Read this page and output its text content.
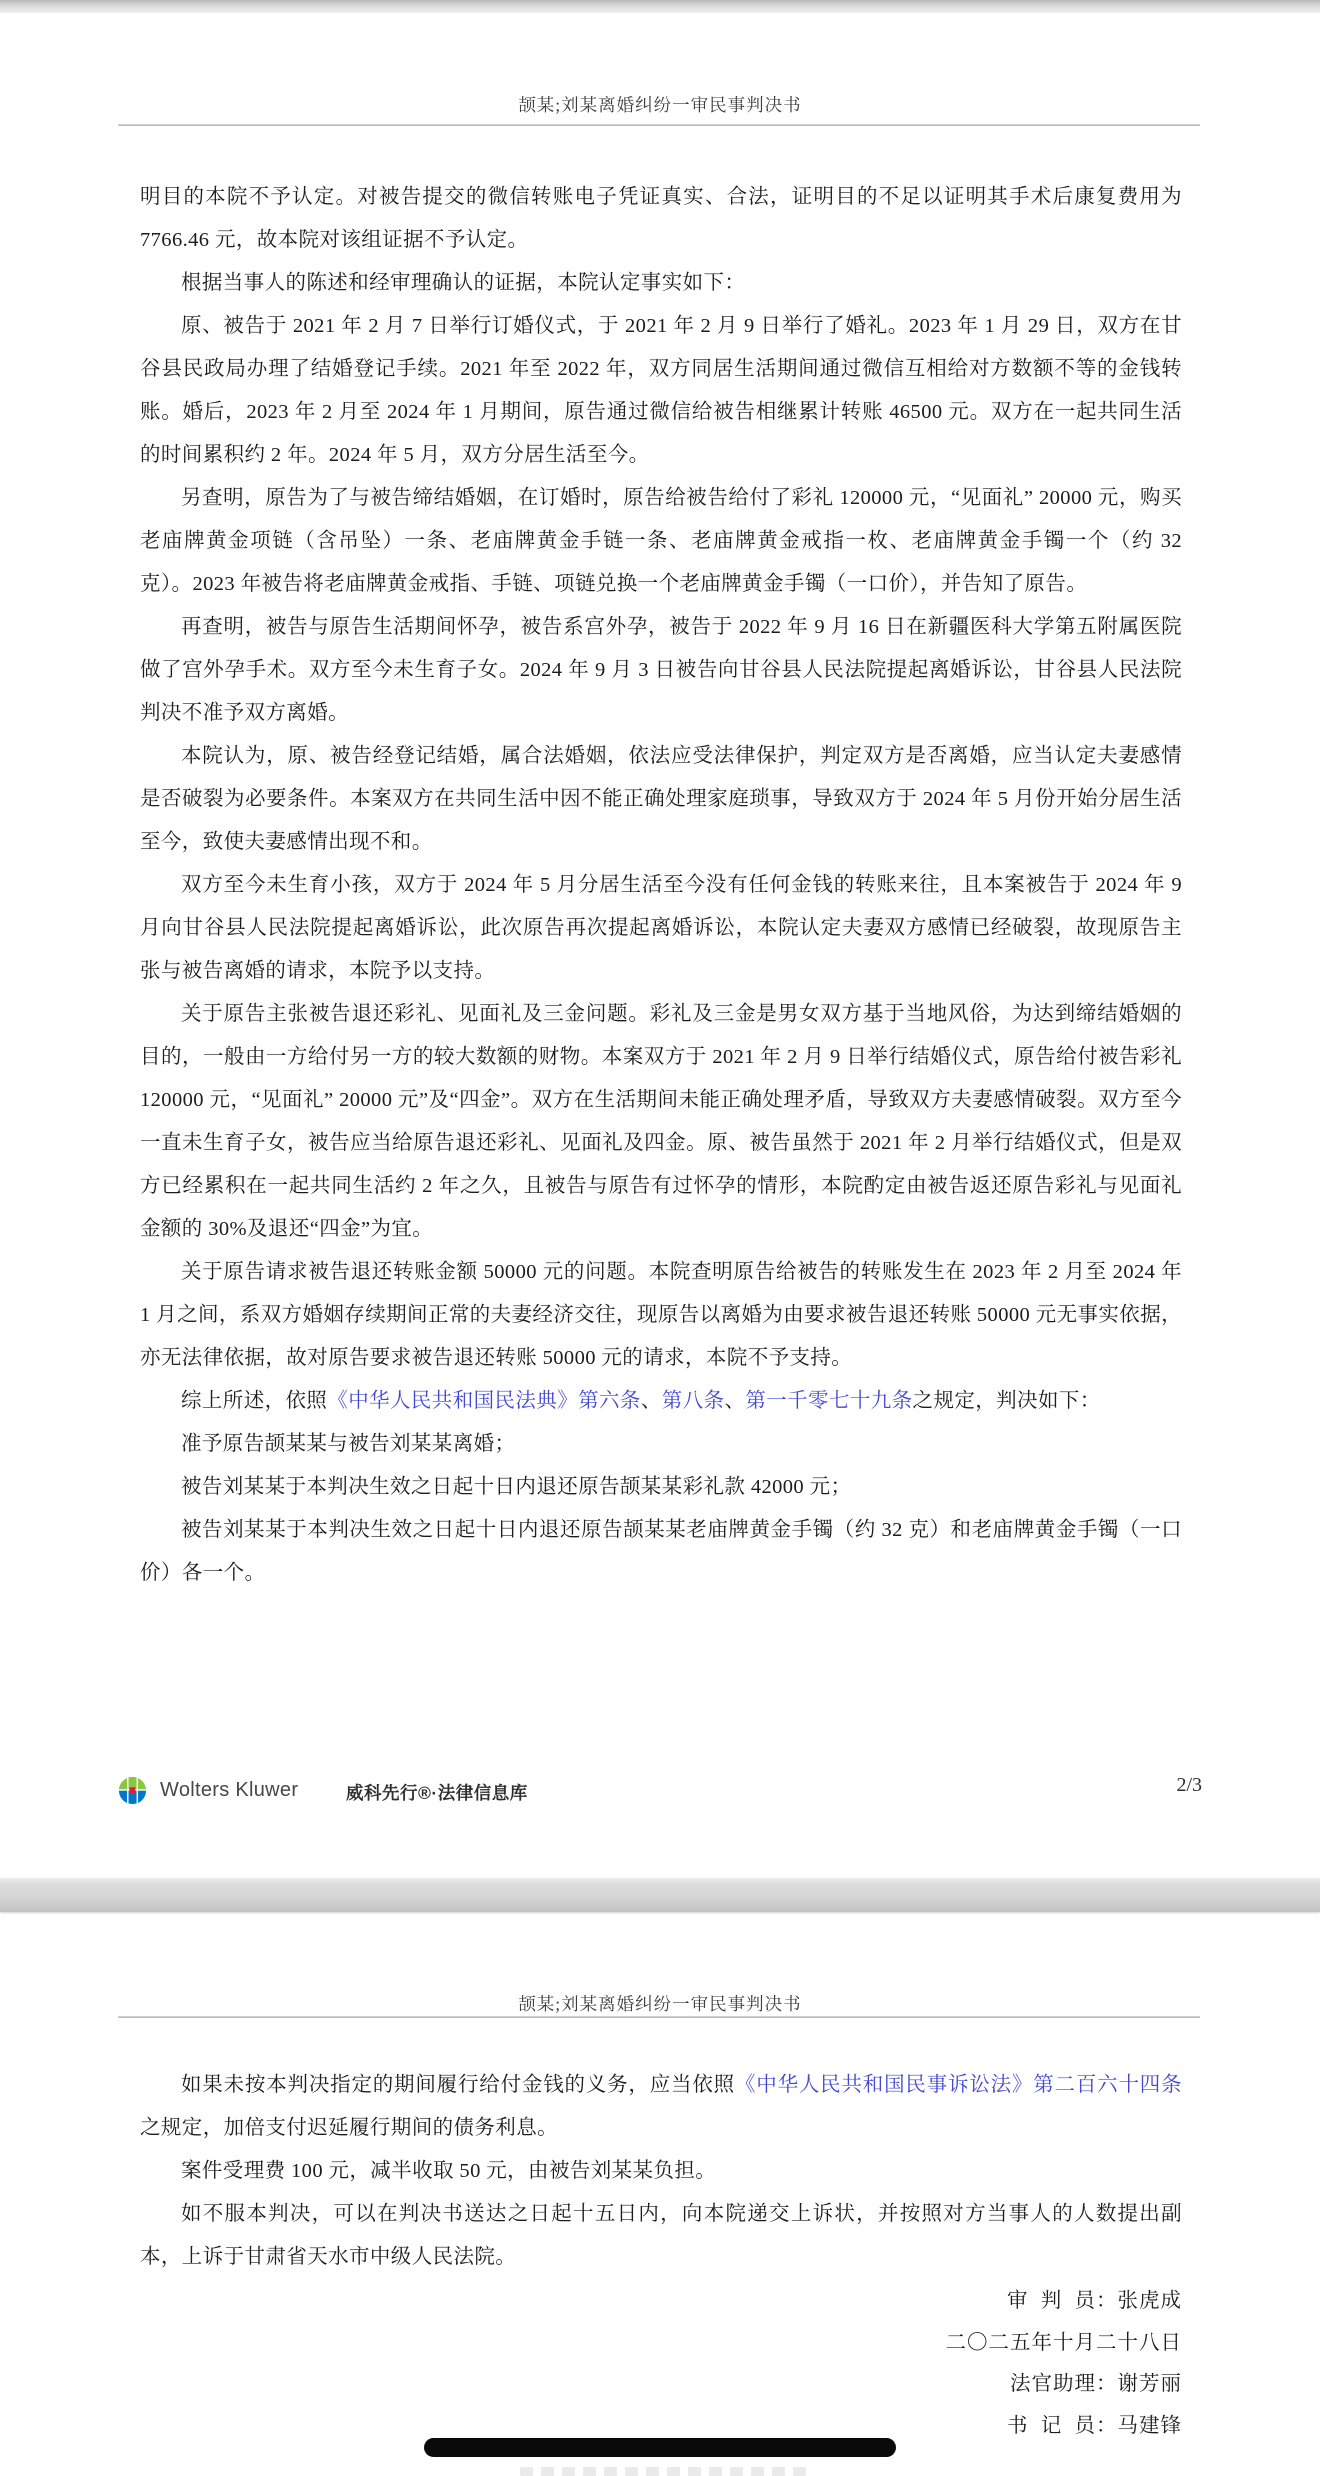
颉某;刘某离婚纠纷一审民事判决书

明目的本院不予认定。对被告提交的微信转账电子凭证真实、合法，证明目的不足以证明其手术后康复费用为 7766.46 元，故本院对该组证据不予认定。

根据当事人的陈述和经审理确认的证据，本院认定事实如下：

原、被告于 2021 年 2 月 7 日举行订婚仪式，于 2021 年 2 月 9 日举行了婚礼。2023 年 1 月 29 日，双方在甘谷县民政局办理了结婚登记手续。2021 年至 2022 年，双方同居生活期间通过微信互相给对方数额不等的金钱转账。婚后，2023 年 2 月至 2024 年 1 月期间，原告通过微信给被告相继累计转账 46500 元。双方在一起共同生活的时间累积约 2 年。2024 年 5 月，双方分居生活至今。

另查明，原告为了与被告缔结婚姻，在订婚时，原告给被告给付了彩礼 120000 元，“见面礼” 20000 元，购买老庙牌黄金项链（含吊坠）一条、老庙牌黄金手链一条、老庙牌黄金戒指一枚、老庙牌黄金手镯一个（约 32 克）。2023 年被告将老庙牌黄金戒指、手链、项链兑换一个老庙牌黄金手镯（一口价），并告知了原告。

再查明，被告与原告生活期间怀孕，被告系宫外孕，被告于 2022 年 9 月 16 日在新疆医科大学第五附属医院做了宫外孕手术。双方至今未生育子女。2024 年 9 月 3 日被告向甘谷县人民法院提起离婚诉讼，甘谷县人民法院判决不准予双方离婚。

本院认为，原、被告经登记结婚，属合法婚姻，依法应受法律保护，判定双方是否离婚，应当认定夫妻感情是否破裂为必要条件。本案双方在共同生活中因不能正确处理家庭琐事，导致双方于 2024 年 5 月份开始分居生活至今，致使夫妻感情出现不和。

双方至今未生育小孩，双方于 2024 年 5 月分居生活至今没有任何金钱的转账来往，且本案被告于 2024 年 9 月向甘谷县人民法院提起离婚诉讼，此次原告再次提起离婚诉讼，本院认定夫妻双方感情已经破裂，故现原告主张与被告离婚的请求，本院予以支持。

关于原告主张被告退还彩礼、见面礼及三金问题。彩礼及三金是男女双方基于当地风俗，为达到缔结婚姻的目的，一般由一方给付另一方的较大数额的财物。本案双方于 2021 年 2 月 9 日举行结婚仪式，原告给付被告彩礼 120000 元，“见面礼” 20000 元”及“四金”。双方在生活期间未能正确处理矛盾，导致双方夫妻感情破裂。双方至今一直未生育子女，被告应当给原告退还彩礼、见面礼及四金。原、被告虽然于 2021 年 2 月举行结婚仪式，但是双方已经累积在一起共同生活约 2 年之久，且被告与原告有过怀孕的情形，本院酌定由被告返还原告彩礼与见面礼金额的 30%及退还“四金”为宜。

关于原告请求被告退还转账金额 50000 元的问题。本院查明原告给被告的转账发生在 2023 年 2 月至 2024 年 1 月之间，系双方婚姻存续期间正常的夫妻经济交往，现原告以离婚为由要求被告退还转账 50000 元无事实依据，亦无法律依据，故对原告要求被告退还转账 50000 元的请求，本院不予支持。

综上所述，依照《中华人民共和国民法典》第六条、第八条、第一千零七十九条之规定，判决如下：

准予原告颉某某与被告刘某某离婚；

被告刘某某于本判决生效之日起十日内退还原告颉某某彩礼款 42000 元；

被告刘某某于本判决生效之日起十日内退还原告颉某某老庙牌黄金手镯（约 32 克）和老庙牌黄金手镯（一口价）各一个。

Wolters Kluwer	威科先行®·法律信息库	2/3
颉某;刘某离婚纠纷一审民事判决书

如果未按本判决指定的期间履行给付金钱的义务，应当依照《中华人民共和国民事诉讼法》第二百六十四条之规定，加倍支付迟延履行期间的债务利息。

案件受理费 100 元，减半收取 50 元，由被告刘某某负担。

如不服本判决，可以在判决书送达之日起十五日内，向本院递交上诉状，并按照对方当事人的人数提出副本，上诉于甘肃省天水市中级人民法院。

审  判  员：张虎成
二〇二五年十月二十八日
法官助理：谢芳丽
书  记  员：马建锋
